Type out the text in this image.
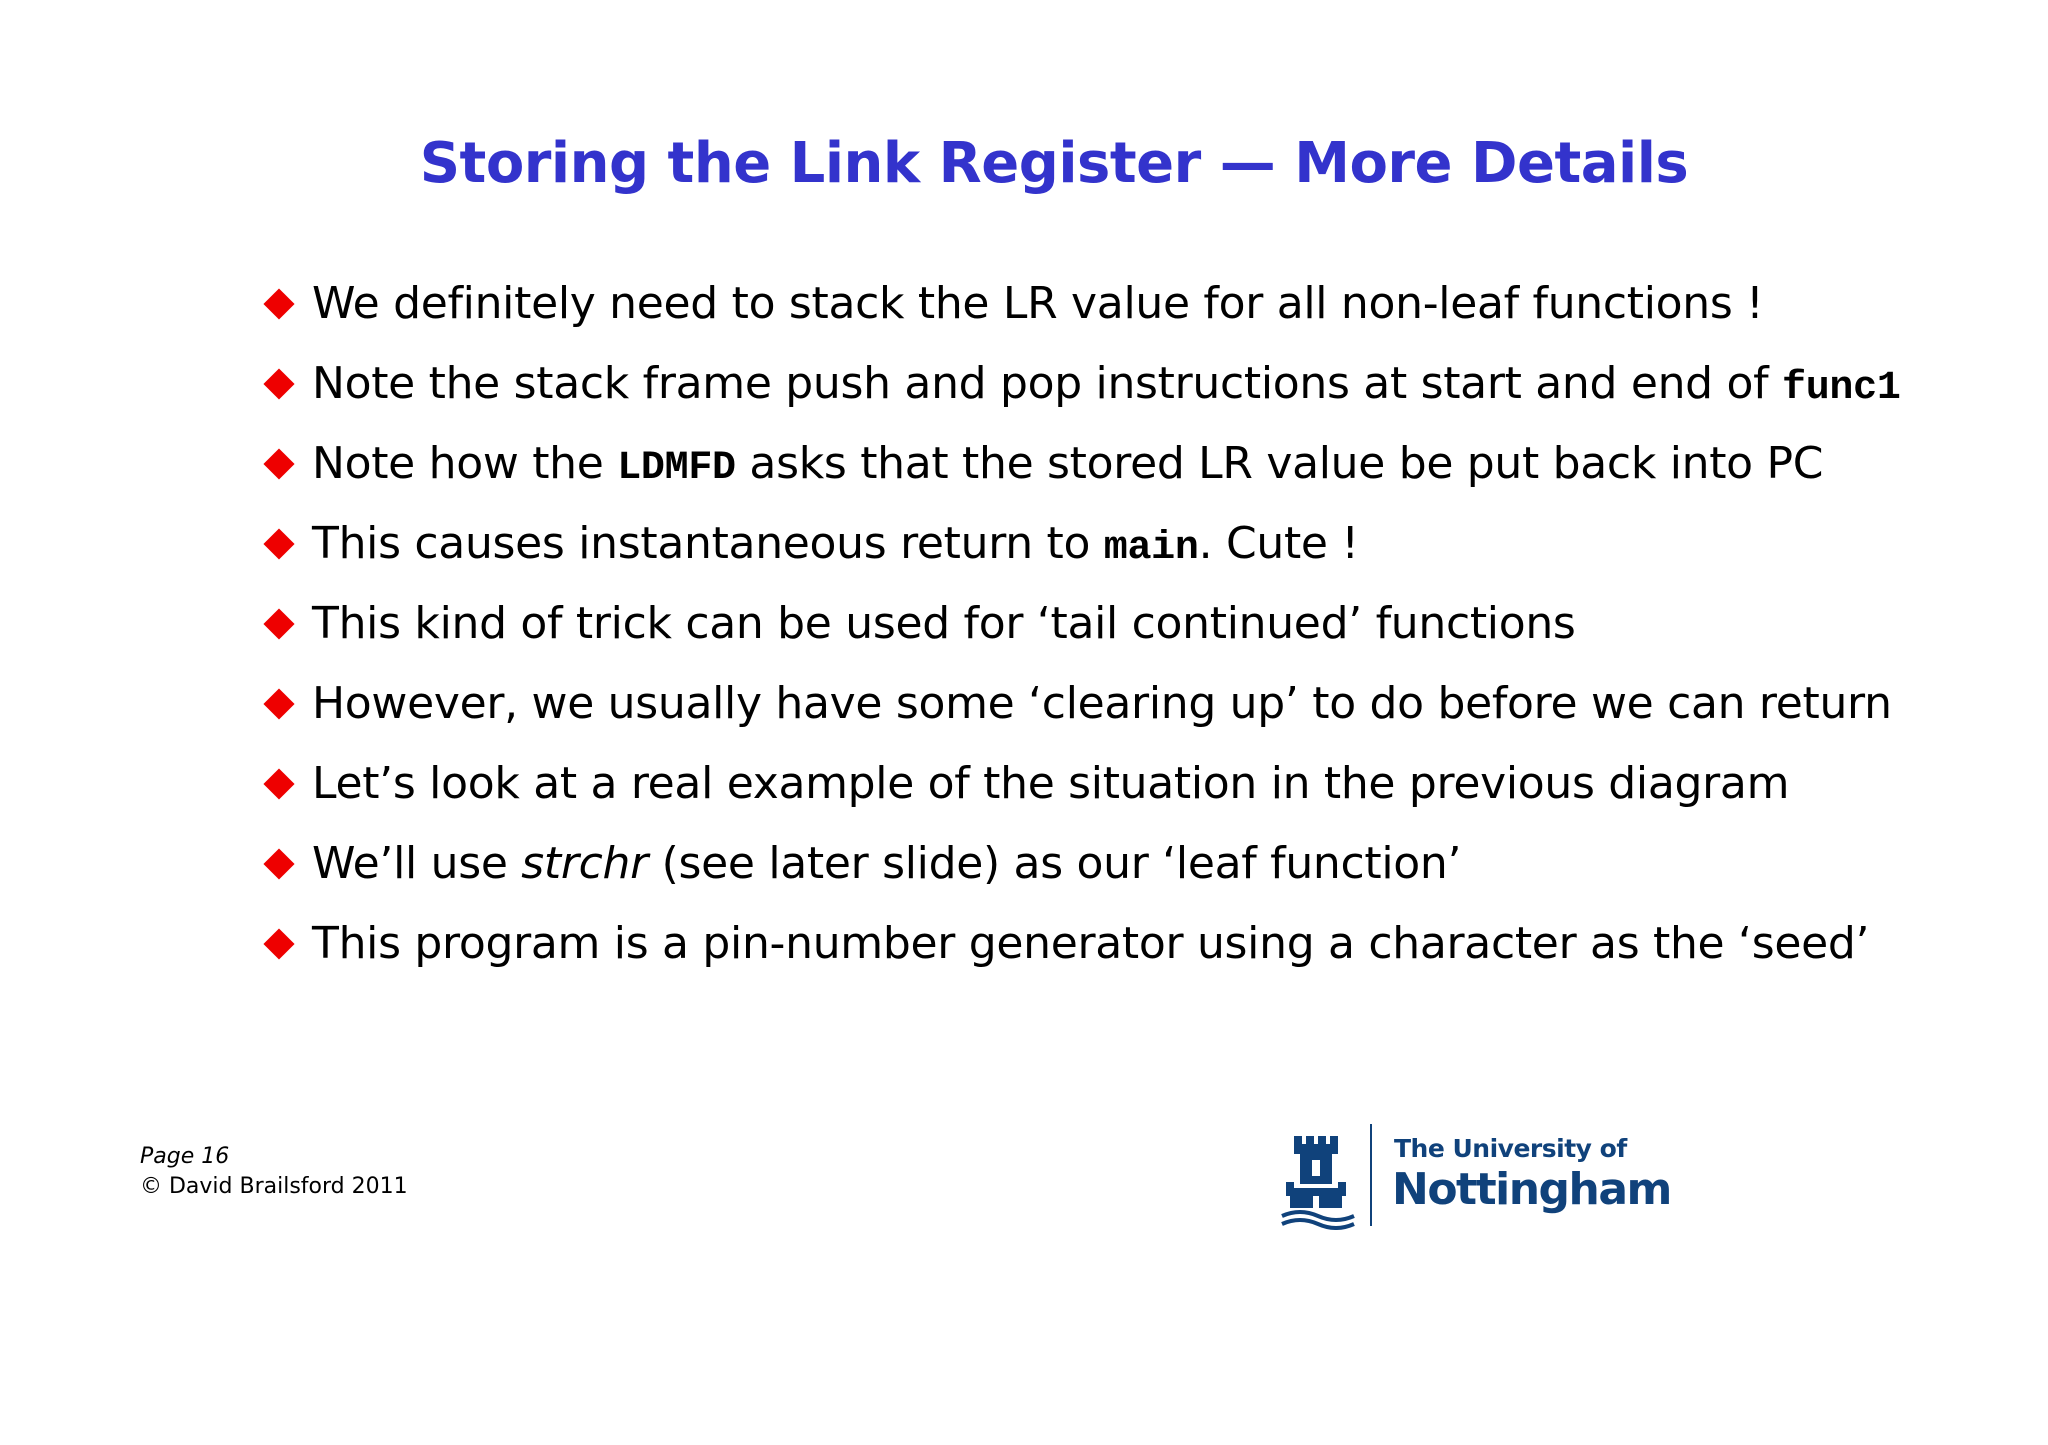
Storing the Link Register — More Details
We definitely need to stack the LR value for all non-leaf functions !
Note the stack frame push and pop instructions at start and end of func1
Note how the LDMFD asks that the stored LR value be put back into PC
This causes instantaneous return to main. Cute !
This kind of trick can be used for ‘tail continued’ functions
However, we usually have some ‘clearing up’ to do before we can return
Let’s look at a real example of the situation in the previous diagram
We’ll use strchr (see later slide) as our ‘leaf function’
This program is a pin-number generator using a character as the ‘seed’
Page 16
© David Brailsford 2011
The University of
Nottingham
